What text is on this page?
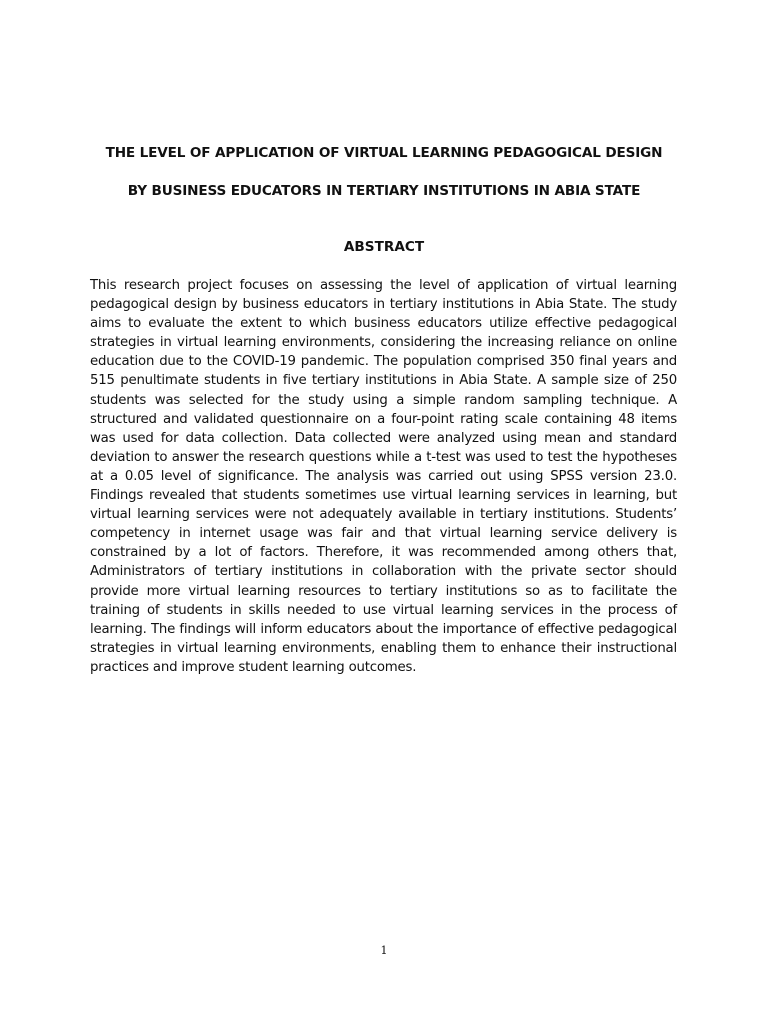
THE LEVEL OF APPLICATION OF VIRTUAL LEARNING PEDAGOGICAL DESIGN
BY BUSINESS EDUCATORS IN TERTIARY INSTITUTIONS IN ABIA STATE
ABSTRACT

This research project focuses on assessing the level of application of virtual learning pedagogical design by business educators in tertiary institutions in Abia State. The study aims to evaluate the extent to which business educators utilize effective pedagogical strategies in virtual learning environments, considering the increasing reliance on online education due to the COVID-19 pandemic. The population comprised 350 final years and 515 penultimate students in five tertiary institutions in Abia State. A sample size of 250 students was selected for the study using a simple random sampling technique. A structured and validated questionnaire on a four-point rating scale containing 48 items was used for data collection. Data collected were analyzed using mean and standard deviation to answer the research questions while a t-test was used to test the hypotheses at a 0.05 level of significance. The analysis was carried out using SPSS version 23.0. Findings revealed that students sometimes use virtual learning services in learning, but virtual learning services were not adequately available in tertiary institutions. Students’ competency in internet usage was fair and that virtual learning service delivery is constrained by a lot of factors. Therefore, it was recommended among others that, Administrators of tertiary institutions in collaboration with the private sector should provide more virtual learning resources to tertiary institutions so as to facilitate the training of students in skills needed to use virtual learning services in the process of learning. The findings will inform educators about the importance of effective pedagogical strategies in virtual learning environments, enabling them to enhance their instructional practices and improve student learning outcomes.

1
